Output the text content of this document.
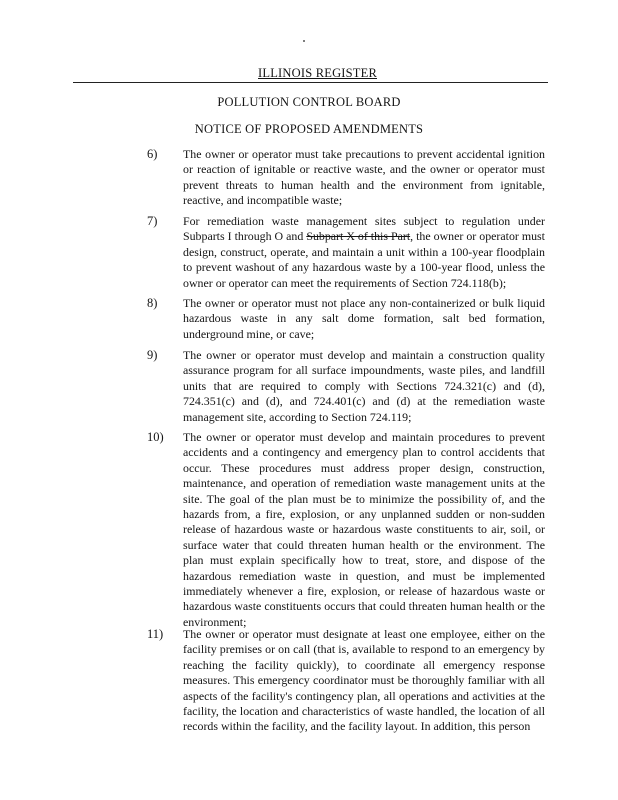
ILLINOIS REGISTER
POLLUTION CONTROL BOARD
NOTICE OF PROPOSED AMENDMENTS
6) The owner or operator must take precautions to prevent accidental ignition or reaction of ignitable or reactive waste, and the owner or operator must prevent threats to human health and the environment from ignitable, reactive, and incompatible waste;
7) For remediation waste management sites subject to regulation under Subparts I through O and Subpart X of this Part, the owner or operator must design, construct, operate, and maintain a unit within a 100-year floodplain to prevent washout of any hazardous waste by a 100-year flood, unless the owner or operator can meet the requirements of Section 724.118(b);
8) The owner or operator must not place any non-containerized or bulk liquid hazardous waste in any salt dome formation, salt bed formation, underground mine, or cave;
9) The owner or operator must develop and maintain a construction quality assurance program for all surface impoundments, waste piles, and landfill units that are required to comply with Sections 724.321(c) and (d), 724.351(c) and (d), and 724.401(c) and (d) at the remediation waste management site, according to Section 724.119;
10) The owner or operator must develop and maintain procedures to prevent accidents and a contingency and emergency plan to control accidents that occur. These procedures must address proper design, construction, maintenance, and operation of remediation waste management units at the site. The goal of the plan must be to minimize the possibility of, and the hazards from, a fire, explosion, or any unplanned sudden or non-sudden release of hazardous waste or hazardous waste constituents to air, soil, or surface water that could threaten human health or the environment. The plan must explain specifically how to treat, store, and dispose of the hazardous remediation waste in question, and must be implemented immediately whenever a fire, explosion, or release of hazardous waste or hazardous waste constituents occurs that could threaten human health or the environment;
11) The owner or operator must designate at least one employee, either on the facility premises or on call (that is, available to respond to an emergency by reaching the facility quickly), to coordinate all emergency response measures. This emergency coordinator must be thoroughly familiar with all aspects of the facility's contingency plan, all operations and activities at the facility, the location and characteristics of waste handled, the location of all records within the facility, and the facility layout. In addition, this person
